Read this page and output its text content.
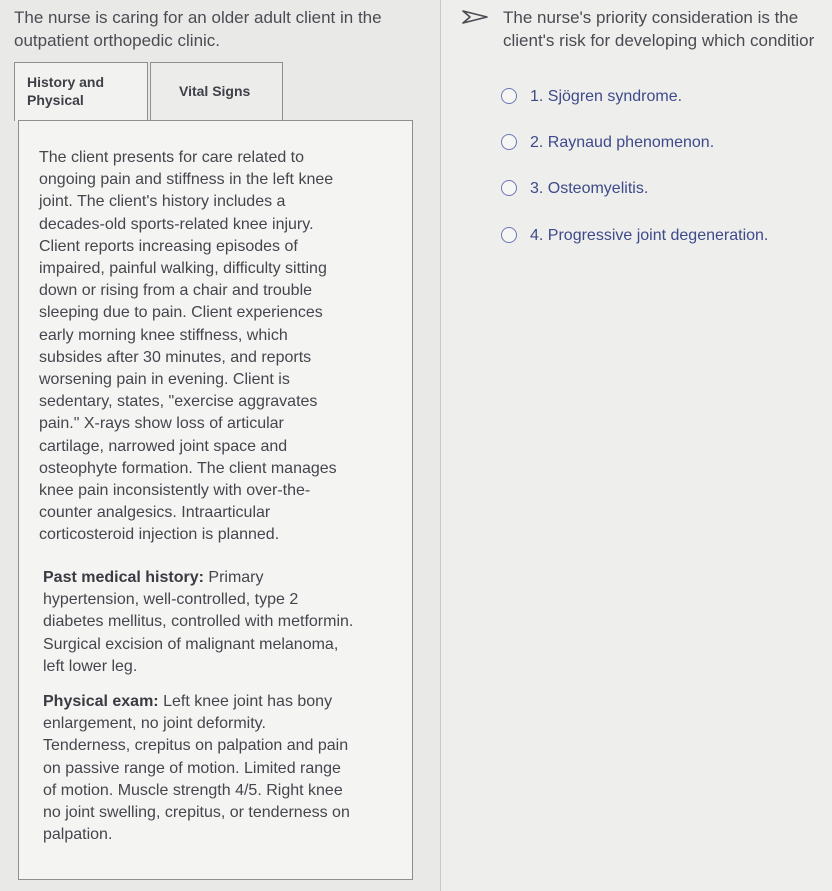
The nurse is caring for an older adult client in the
outpatient orthopedic clinic.
History and
Physical
Vital Signs

The client presents for care related to
ongoing pain and stiffness in the left knee
joint. The client's history includes a
decades-old sports-related knee injury.
Client reports increasing episodes of
impaired, painful walking, difficulty sitting
down or rising from a chair and trouble
sleeping due to pain. Client experiences
early morning knee stiffness, which
subsides after 30 minutes, and reports
worsening pain in evening. Client is
sedentary, states, "exercise aggravates
pain." X-rays show loss of articular
cartilage, narrowed joint space and
osteophyte formation. The client manages
knee pain inconsistently with over-the-
counter analgesics. Intraarticular
corticosteroid injection is planned.

Past medical history: Primary
hypertension, well-controlled, type 2
diabetes mellitus, controlled with metformin.
Surgical excision of malignant melanoma,
left lower leg.

Physical exam: Left knee joint has bony
enlargement, no joint deformity.
Tenderness, crepitus on palpation and pain
on passive range of motion. Limited range
of motion. Muscle strength 4/5. Right knee
no joint swelling, crepitus, or tenderness on
palpation.

The nurse's priority consideration is the
client's risk for developing which conditior
1. Sjögren syndrome.
2. Raynaud phenomenon.
3. Osteomyelitis.
4. Progressive joint degeneration.
